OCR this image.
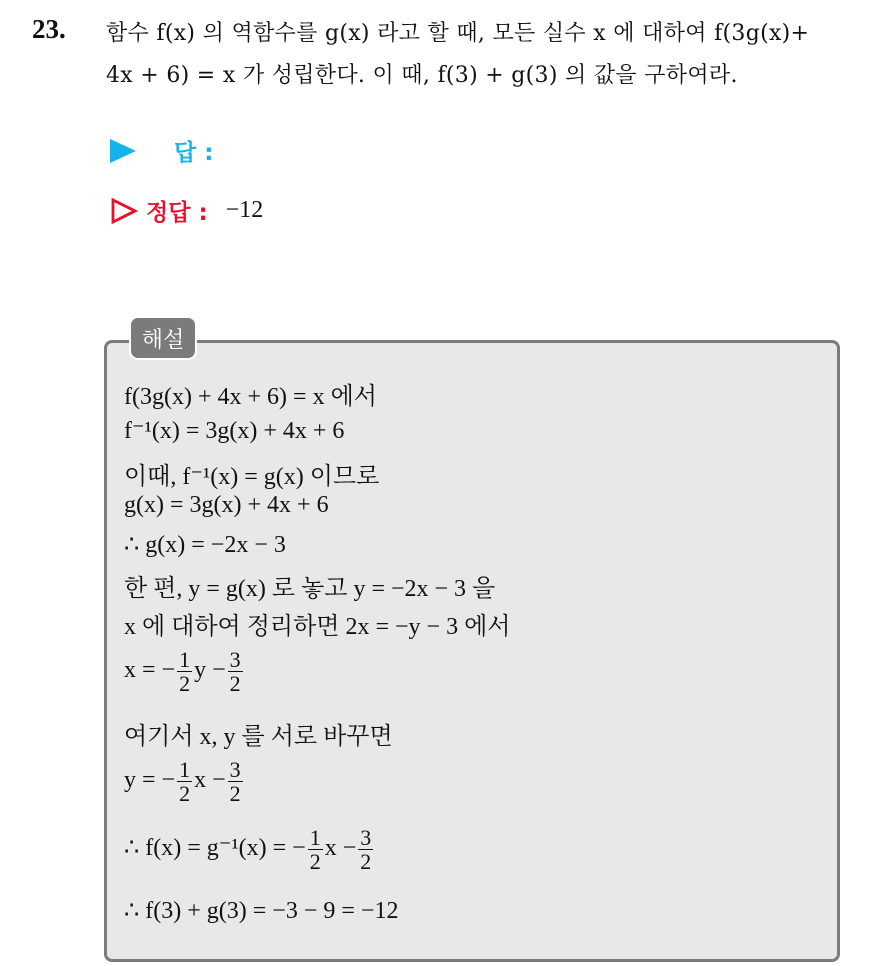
23. 함수 f(x) 의 역함수를 g(x) 라고 할 때, 모든 실수 x 에 대하여 f(3g(x)+
4x + 6) = x 가 성립한다. 이 때, f(3) + g(3) 의 값을 구하여라.
답 :
정답 : −12
해설
f(3g(x) + 4x + 6) = x 에서
f⁻¹(x) = 3g(x) + 4x + 6
이때, f⁻¹(x) = g(x) 이므로
g(x) = 3g(x) + 4x + 6
∴ g(x) = −2x − 3
한 편, y = g(x) 로 놓고 y = −2x − 3 을
x 에 대하여 정리하면 2x = −y − 3 에서
x = − $\frac{1}{2}$ $y - \frac{3}{2}$
여기서 x, y 를 서로 바꾸면
y = − $\frac{1}{2}$ $x - \frac{3}{2}$
∴ f(x) = g⁻¹(x) = − $\frac{1}{2}$ $x - \frac{3}{2}$
∴ f(3) + g(3) = −3 − 9 = −12
